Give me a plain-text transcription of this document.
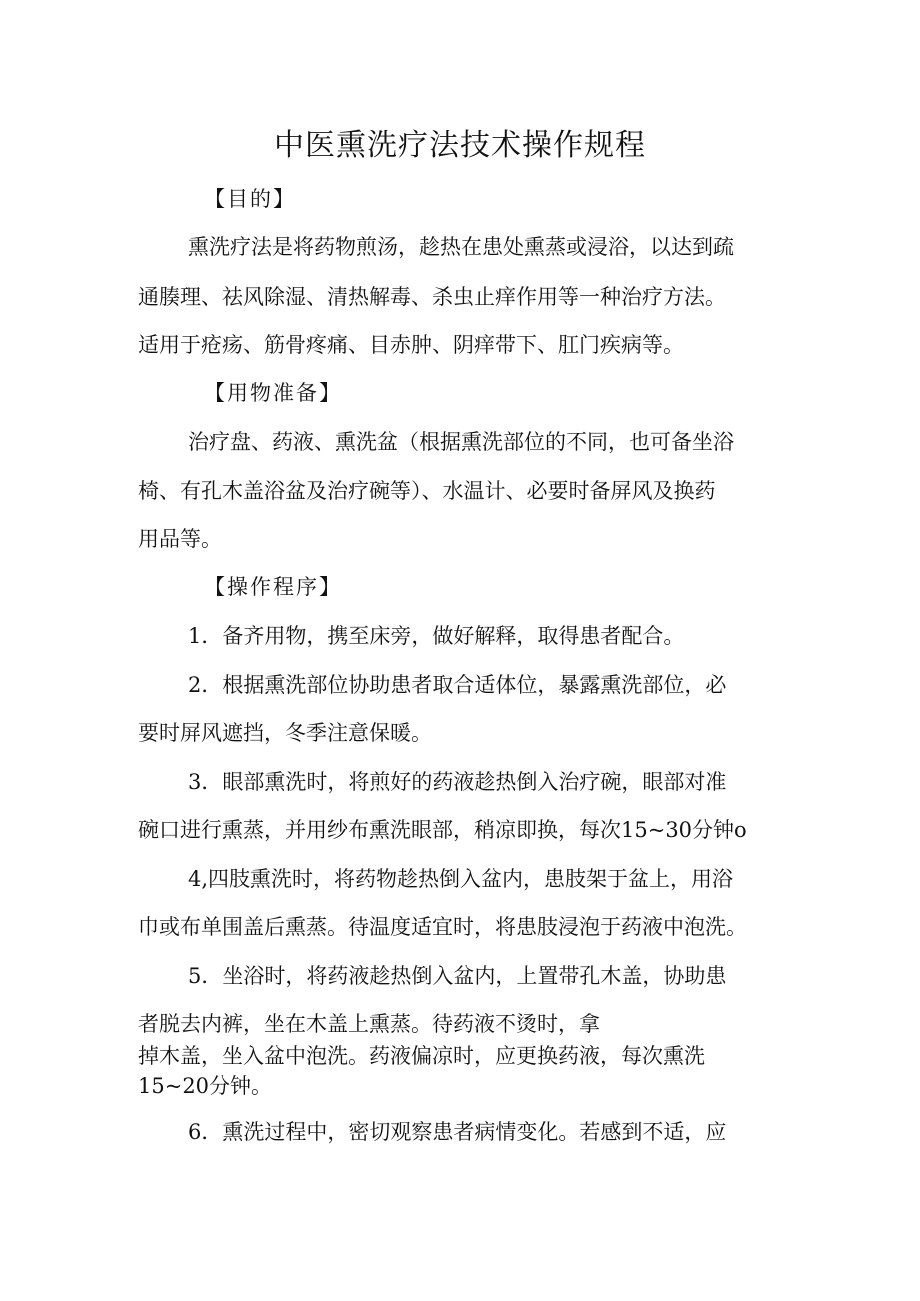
中医熏洗疗法技术操作规程
【目的】
熏洗疗法是将药物煎汤，趁热在患处熏蒸或浸浴，以达到疏
通腠理、祛风除湿、清热解毒、杀虫止痒作用等一种治疗方法。
适用于疮疡、筋骨疼痛、目赤肿、阴痒带下、肛门疾病等。
【用物准备】
治疗盘、药液、熏洗盆（根据熏洗部位的不同，也可备坐浴
椅、有孔木盖浴盆及治疗碗等）、水温计、必要时备屏风及换药
用品等。
【操作程序】
1．备齐用物，携至床旁，做好解释，取得患者配合。
2．根据熏洗部位协助患者取合适体位，暴露熏洗部位，必
要时屏风遮挡，冬季注意保暖。
3．眼部熏洗时，将煎好的药液趁热倒入治疗碗，眼部对准
碗口进行熏蒸，并用纱布熏洗眼部，稍凉即换，每次15~30分钟o
4,四肢熏洗时，将药物趁热倒入盆内，患肢架于盆上，用浴
巾或布单围盖后熏蒸。待温度适宜时，将患肢浸泡于药液中泡洗。
5．坐浴时，将药液趁热倒入盆内，上置带孔木盖，协助患
者脱去内裤，坐在木盖上熏蒸。待药液不烫时，拿
掉木盖，坐入盆中泡洗。药液偏凉时，应更换药液，每次熏洗
15~20分钟。
6．熏洗过程中，密切观察患者病情变化。若感到不适，应
